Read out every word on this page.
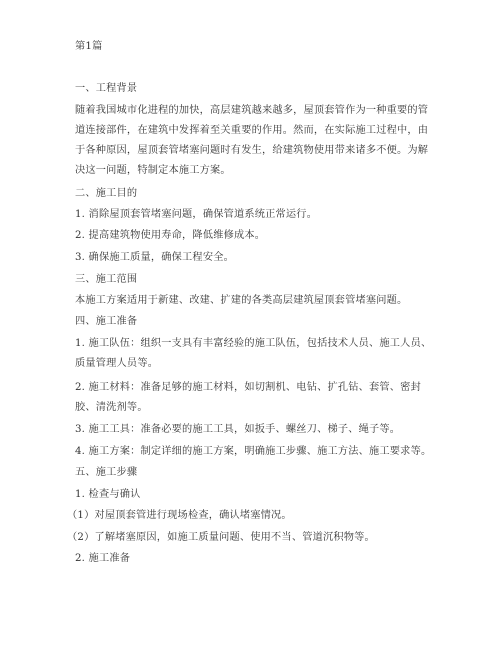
第1篇
一、工程背景
随着我国城市化进程的加快，高层建筑越来越多，屋顶套管作为一种重要的管道连接部件，在建筑中发挥着至关重要的作用。然而，在实际施工过程中，由于各种原因，屋顶套管堵塞问题时有发生，给建筑物使用带来诸多不便。为解决这一问题，特制定本施工方案。
二、施工目的
1. 消除屋顶套管堵塞问题，确保管道系统正常运行。
2. 提高建筑物使用寿命，降低维修成本。
3. 确保施工质量，确保工程安全。
三、施工范围
本施工方案适用于新建、改建、扩建的各类高层建筑屋顶套管堵塞问题。
四、施工准备
1. 施工队伍：组织一支具有丰富经验的施工队伍，包括技术人员、施工人员、质量管理人员等。
2. 施工材料：准备足够的施工材料，如切割机、电钻、扩孔钻、套管、密封胶、清洗剂等。
3. 施工工具：准备必要的施工工具，如扳手、螺丝刀、梯子、绳子等。
4. 施工方案：制定详细的施工方案，明确施工步骤、施工方法、施工要求等。
五、施工步骤
1. 检查与确认
（1）对屋顶套管进行现场检查，确认堵塞情况。
（2）了解堵塞原因，如施工质量问题、使用不当、管道沉积物等。
2. 施工准备
